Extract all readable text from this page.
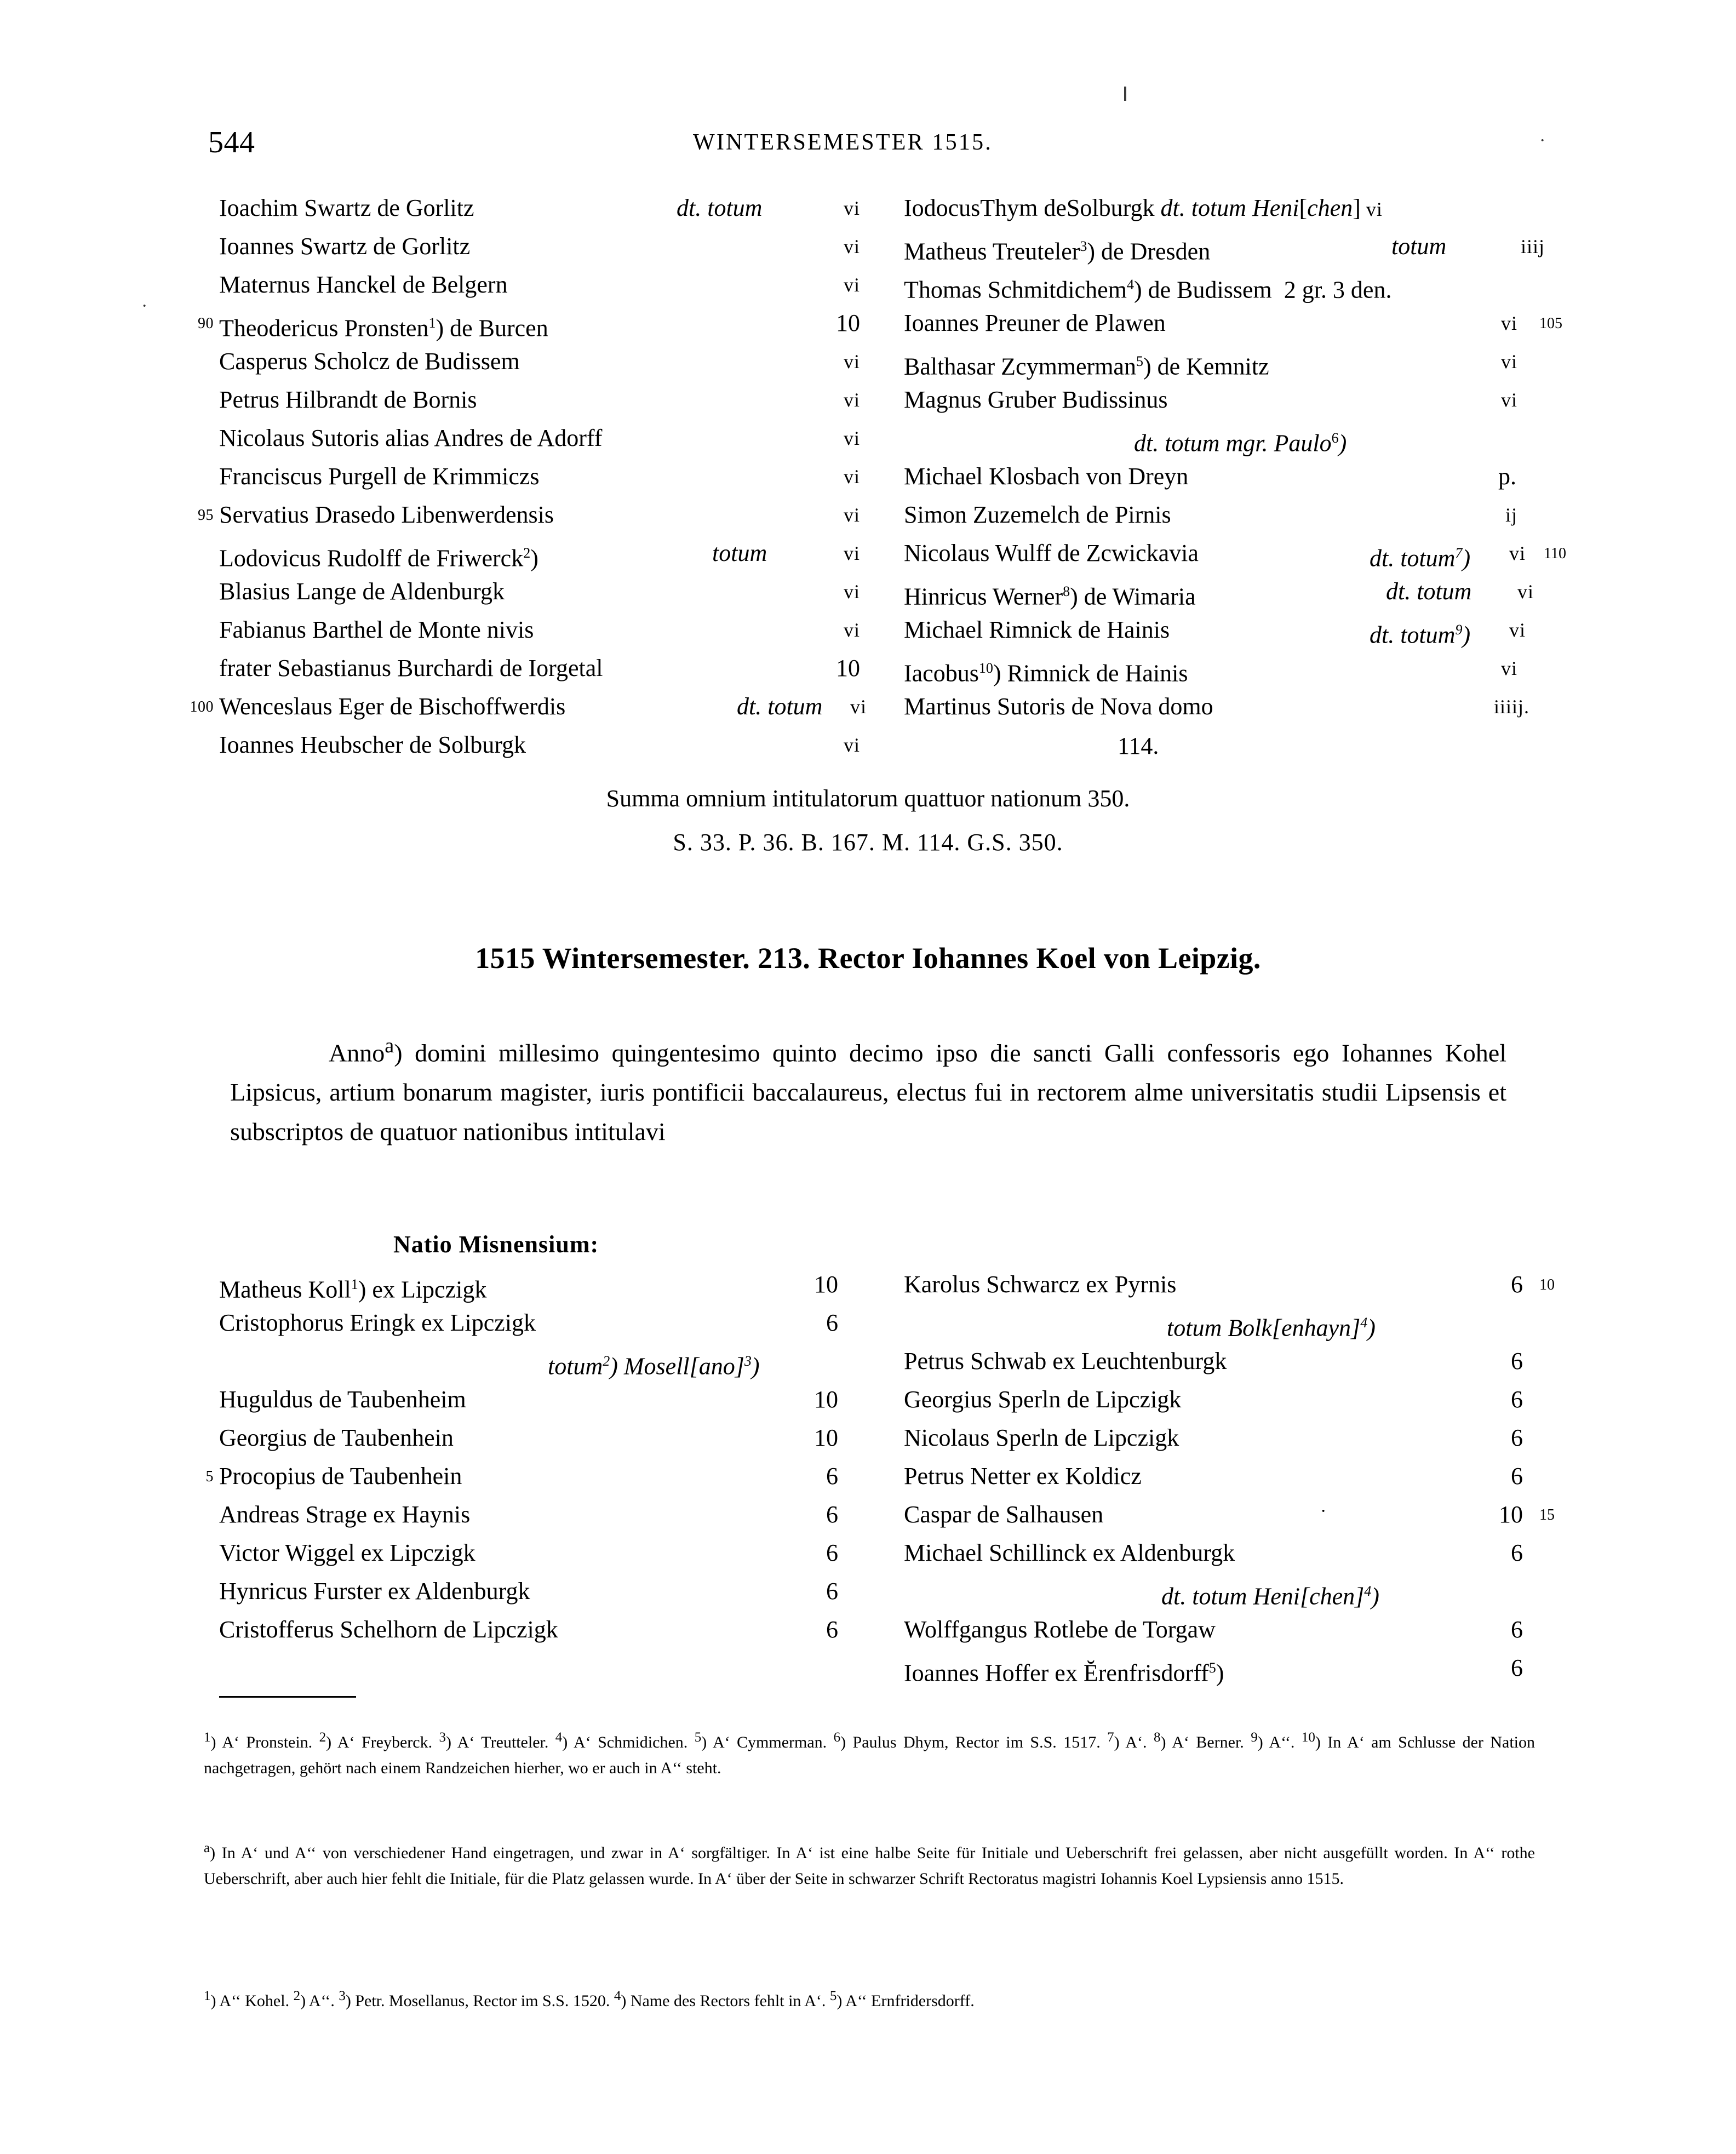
544	WINTERSEMESTER 1515.	·
·
Ioachim Swartz de Gorlitz	dt. totum	vi
Ioannes Swartz de Gorlitz	vi
Maternus Hanckel de Belgern	vi
90 Theodericus Pronsten$^1$) de Burcen	10
Casperus Scholcz de Budissem	vi
Petrus Hilbrandt de Bornis	vi
Nicolaus Sutoris alias Andres de Adorff	vi
Franciscus Purgell de Krimmiczs	vi
95 Servatius Drasedo Libenwerdensis	vi
Lodovicus Rudolff de Friwerck$^2$)	totum	vi
Blasius Lange de Aldenburgk	vi
Fabianus Barthel de Monte nivis	vi
frater Sebastianus Burchardi de Iorgetal	10
100 Wenceslaus Eger de Bischoffwerdis	dt. totum	vi
Ioannes Heubscher de Solburgk	vi
IodocusThym deSolburgk dt. totum Heni[chen] vi
Matheus Treuteler$^3$) de Dresden	totum	iiij
Thomas Schmitdichem$^4$) de Budissem  2 gr. 3 den.
Ioannes Preuner de Plawen	vi 105
Balthasar Zcymmerman$^5$) de Kemnitz	vi
Magnus Gruber Budissinus	vi
dt. totum mgr. Paulo$^6$)
Michael Klosbach von Dreyn	p.
Simon Zuzemelch de Pirnis	ij
Nicolaus Wulff de Zcwickavia	dt. totum$^7$)	vi 110
Hinricus Werner$^8$) de Wimaria	dt. totum	vi
Michael Rimnick de Hainis	dt. totum$^9$)	vi
Iacobus$^{10}$) Rimnick de Hainis	vi
Martinus Sutoris de Nova domo	iiiij.
114.
Summa omnium intitulatorum quattuor nationum 350.
S. 33. P. 36. B. 167. M. 114. G.S. 350.
1515 Wintersemester. 213. Rector Iohannes Koel von Leipzig.
Anno$^a$) domini millesimo quingentesimo quinto decimo ipso die sancti Galli confessoris ego Iohannes Kohel Lipsicus, artium bonarum magister, iuris pontificii baccalaureus, electus fui in rectorem alme universitatis studii Lipsensis et subscriptos de quatuor nationibus intitulavi
Natio Misnensium:
Matheus Koll$^1$) ex Lipczigk	10
Cristophorus Eringk ex Lipczigk	6
totum$^2$) Mosell[ano]$^3$)
Huguldus de Taubenheim	10
Georgius de Taubenhein	10
5 Procopius de Taubenhein	6
Andreas Strage ex Haynis	6
Victor Wiggel ex Lipczigk	6
Hynricus Furster ex Aldenburgk	6
Cristofferus Schelhorn de Lipczigk	6
Karolus Schwarcz ex Pyrnis	6 10
totum Bolk[enhayn]$^4$)
Petrus Schwab ex Leuchtenburgk	6
Georgius Sperln de Lipczigk	6
Nicolaus Sperln de Lipczigk	6
Petrus Netter ex Koldicz	6
Caspar de Salhausen	·	10 15
Michael Schillinck ex Aldenburgk	6
dt. totum Heni[chen]$^4$)
Wolffgangus Rotlebe de Torgaw	6
Ioannes Hoffer ex Ĕrenfrisdorff$^5$)	6
$^1$) A‘ Pronstein. $^2$) A‘ Freyberck. $^3$) A‘ Treutteler. $^4$) A‘ Schmidichen. $^5$) A‘ Cymmerman. $^6$) Paulus Dhym, Rector im S.S. 1517. $^7$) A‘. $^8$) A‘ Berner. $^9$) A‘‘. $^{10}$) In A‘ am Schlusse der Nation nachgetragen, gehört nach einem Randzeichen hierher, wo er auch in A‘‘ steht.
$^a$) In A‘ und A‘‘ von verschiedener Hand eingetragen, und zwar in A‘ sorgfältiger. In A‘ ist eine halbe Seite für Initiale und Ueberschrift frei gelassen, aber nicht ausgefüllt worden. In A‘‘ rothe Ueberschrift, aber auch hier fehlt die Initiale, für die Platz gelassen wurde. In A‘ über der Seite in schwarzer Schrift Rectoratus magistri Iohannis Koel Lypsiensis anno 1515.
$^1$) A‘‘ Kohel. $^2$) A‘‘. $^3$) Petr. Mosellanus, Rector im S.S. 1520. $^4$) Name des Rectors fehlt in A‘. $^5$) A‘‘ Ernfridersdorff.
